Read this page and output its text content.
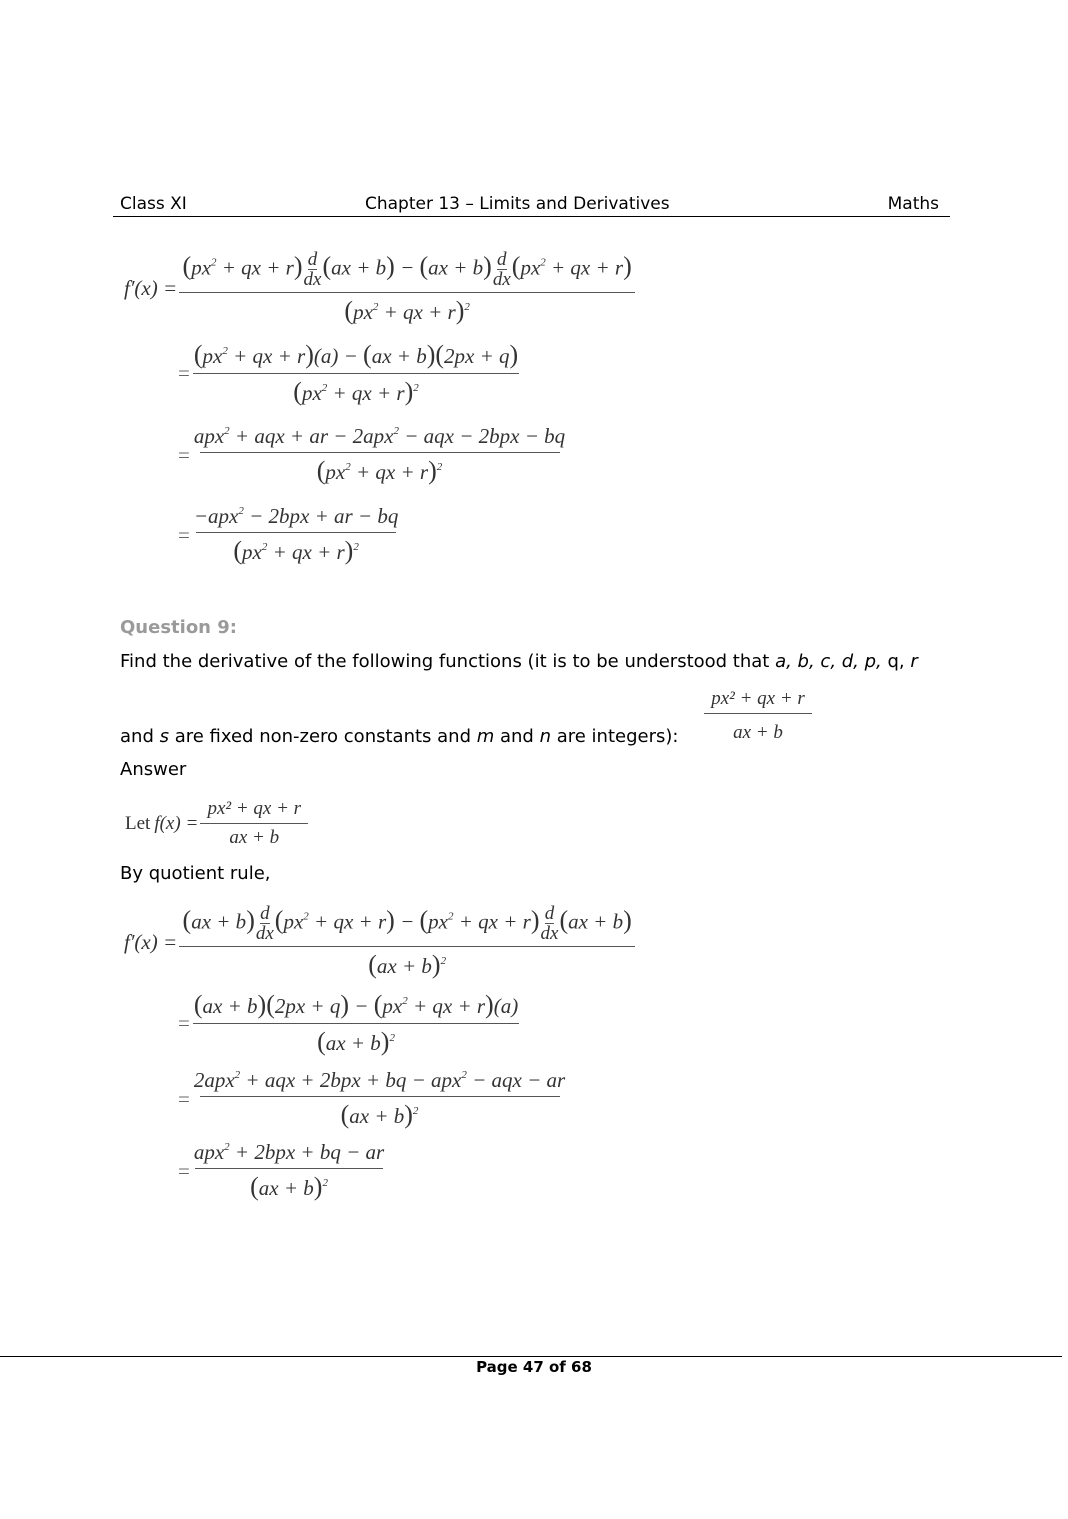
Class XI	Chapter 13 – Limits and Derivatives	Maths
$f'(x) = \frac{(px^2 + qx + r) \frac{d}{dx} (ax + b) - (ax + b) \frac{d}{dx} (px^2 + qx + r)}{(px^2 + qx + r)^2}$
= $\frac{(px^2 + qx + r)(a) - (ax + b)(2px + q)}{(px^2 + qx + r)^2}$
= $\frac{apx^2 + aqx + ar - 2apx^2 - aqx - 2bpx - bq}{(px^2 + qx + r)^2}$
= $\frac{-apx^2 - 2bpx + ar - bq}{(px^2 + qx + r)^2}$
Question 9:
Find the derivative of the following functions (it is to be understood that a, b, c, d, p, q, r
and s are fixed non-zero constants and m and n are integers): $\frac{\text{px² + qx + r}}{ax + b}$
Answer
Let $f(x) = \frac{\text{px² + qx + r}}{ax + b}$
By quotient rule,
$f'(x) = \frac{(ax + b) \frac{d}{dx} (px^2 + qx + r) - (px^2 + qx + r) \frac{d}{dx} (ax + b)}{(ax + b)^2}$
= $\frac{(ax + b)(2px + q) - (px^2 + qx + r)(a)}{(ax + b)^2}$
= $\frac{2apx^2 + aqx + 2bpx + bq - apx^2 - aqx - ar}{(ax + b)^2}$
= $\frac{apx^2 + 2bpx + bq - ar}{(ax + b)^2}$
Page 47 of 68
